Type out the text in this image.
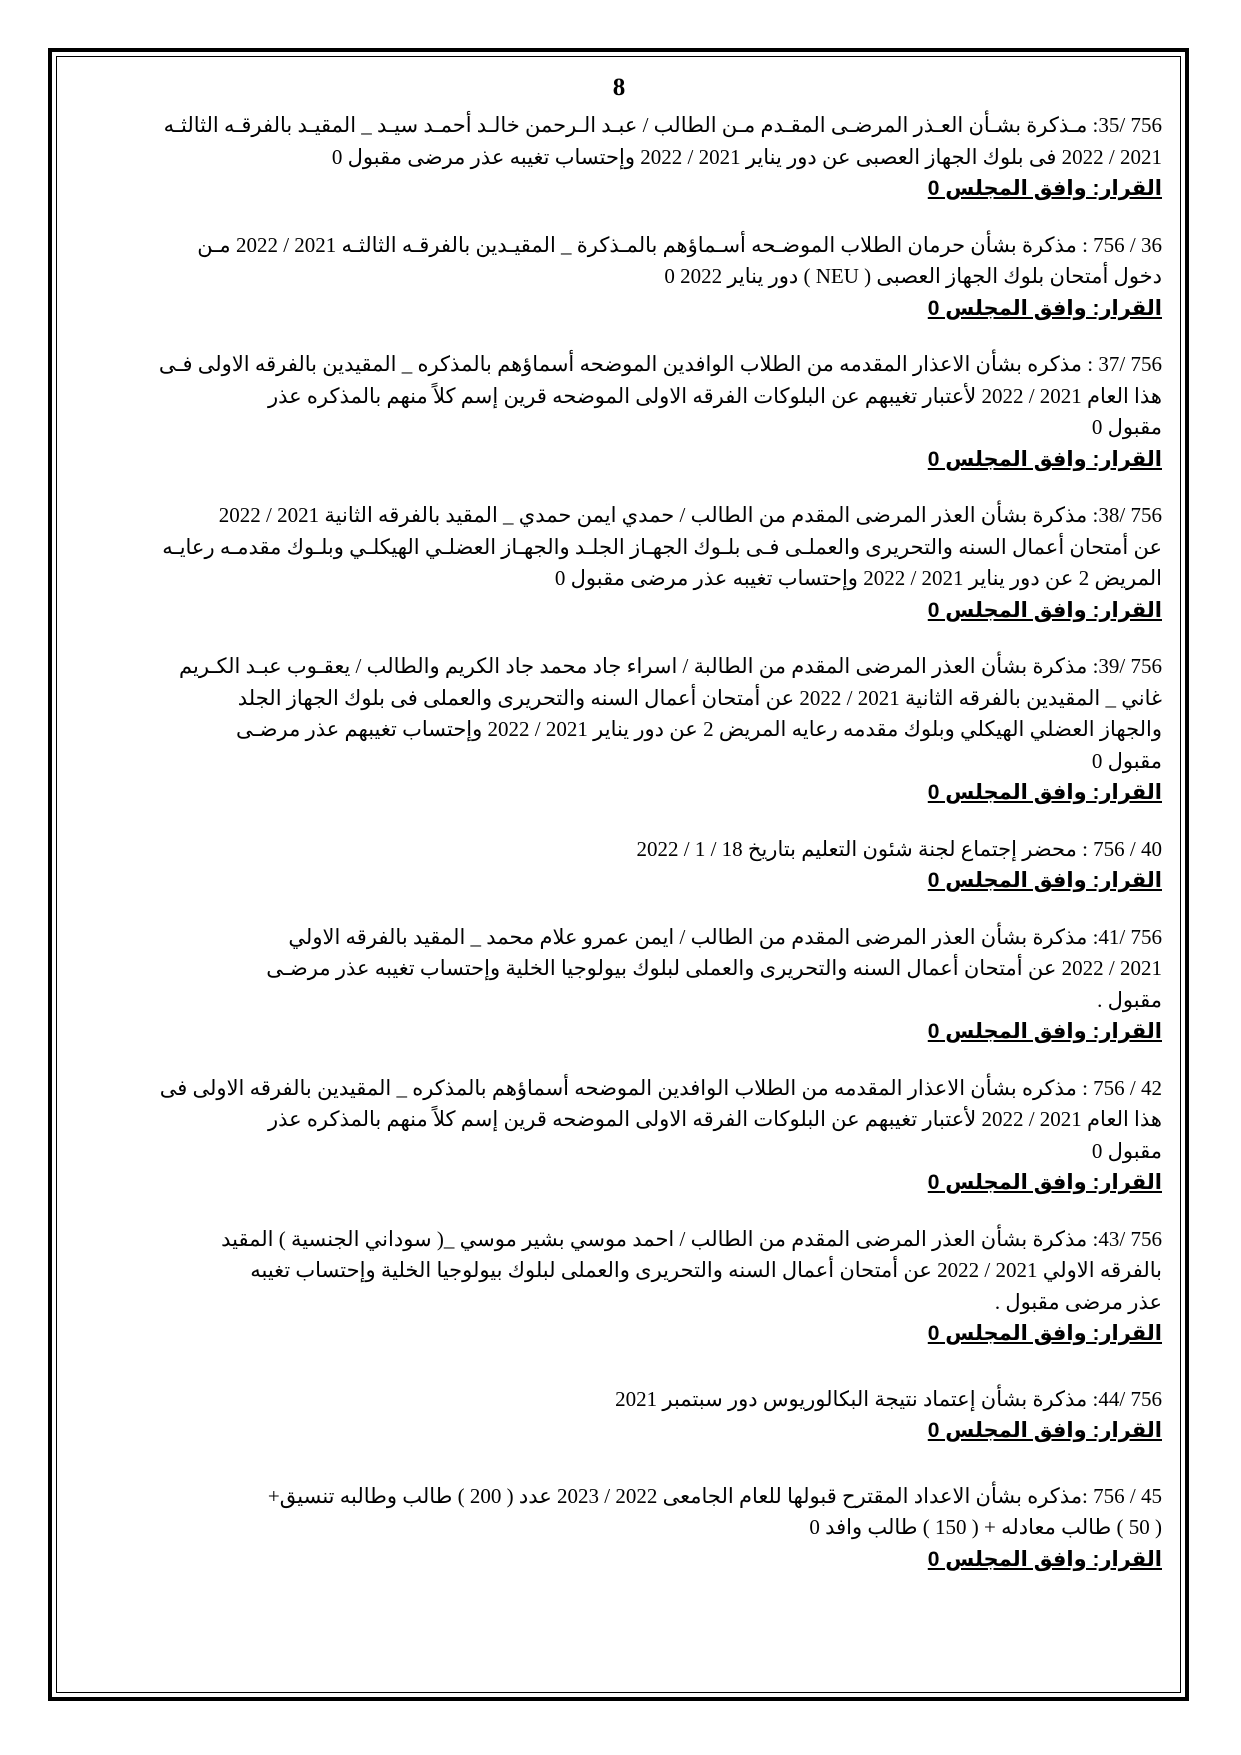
8

756 /35: مـذكرة بشـأن العـذر المرضـى المقـدم مـن الطالب / عبـد الـرحمن خالـد أحمـد سيـد _ المقيـد بالفرقـه الثالثـه

2021 / 2022 فى بلوك الجهاز العصبى عن دور يناير 2021 / 2022 وإحتساب تغيبه عذر مرضى مقبول 0

القرار: وافق المجلس 0

36 / 756 : مذكرة بشأن حرمان الطلاب الموضـحه أسـماؤهم بالمـذكرة _ المقيـدين بالفرقـه الثالثـه 2021 / 2022 مـن

دخول أمتحان بلوك الجهاز العصبى ( NEU ) دور يناير 2022 0

القرار: وافق المجلس 0

756 /37 : مذكره بشأن الاعذار المقدمه من الطلاب الوافدين الموضحه أسماؤهم بالمذكره _ المقيدين بالفرقه الاولى فـى

هذا العام 2021 / 2022 لأعتبار تغيبهم عن البلوكات الفرقه الاولى الموضحه قرين إسم كلاً منهم بالمذكره عذر

مقبول 0

القرار: وافق المجلس 0

756 /38: مذكرة بشأن العذر المرضى المقدم من الطالب / حمدي ايمن حمدي _ المقيد بالفرقه الثانية 2021 / 2022

عن أمتحان أعمال السنه والتحريرى والعملـى فـى بلـوك الجهـاز الجلـد والجهـاز العضلـي الهيكلـي وبلـوك مقدمـه رعايـه

المريض 2 عن دور يناير 2021 / 2022 وإحتساب تغيبه عذر مرضى مقبول 0

القرار: وافق المجلس 0

756 /39: مذكرة بشأن العذر المرضى المقدم من الطالبة / اسراء جاد محمد جاد الكريم والطالب / يعقـوب عبـد الكـريم

غاني _ المقيدين بالفرقه الثانية 2021 / 2022 عن أمتحان أعمال السنه والتحريرى والعملى فى بلوك الجهاز الجلد

والجهاز العضلي الهيكلي وبلوك مقدمه رعايه المريض 2 عن دور يناير 2021 / 2022 وإحتساب تغيبهم عذر مرضـى

مقبول 0

القرار: وافق المجلس 0

40 / 756 : محضر إجتماع لجنة شئون التعليم بتاريخ 18 / 1 / 2022

القرار: وافق المجلس 0

756 /41: مذكرة بشأن العذر المرضى المقدم من الطالب / ايمن عمرو علام محمد _ المقيد بالفرقه الاولي

2021 / 2022 عن أمتحان أعمال السنه والتحريرى والعملى لبلوك بيولوجيا الخلية وإحتساب تغيبه عذر مرضـى

مقبول .

القرار: وافق المجلس 0

42 / 756 : مذكره بشأن الاعذار المقدمه من الطلاب الوافدين الموضحه أسماؤهم بالمذكره _ المقيدين بالفرقه الاولى فى

هذا العام 2021 / 2022 لأعتبار تغيبهم عن البلوكات الفرقه الاولى الموضحه قرين إسم كلاً منهم بالمذكره عذر

مقبول 0

القرار: وافق المجلس 0

756 /43: مذكرة بشأن العذر المرضى المقدم من الطالب / احمد موسي بشير موسي _( سوداني الجنسية ) المقيد

بالفرقه الاولي 2021 / 2022 عن أمتحان أعمال السنه والتحريرى والعملى لبلوك بيولوجيا الخلية وإحتساب تغيبه

عذر مرضى مقبول .

القرار: وافق المجلس 0

756 /44: مذكرة بشأن إعتماد نتيجة البكالوريوس دور سبتمبر 2021

القرار: وافق المجلس 0

45 / 756 :مذكره بشأن الاعداد المقترح قبولها للعام الجامعى 2022 / 2023 عدد ( 200 ) طالب وطالبه تنسيق+

( 50 ) طالب معادله + ( 150 ) طالب وافد 0

القرار: وافق المجلس 0
